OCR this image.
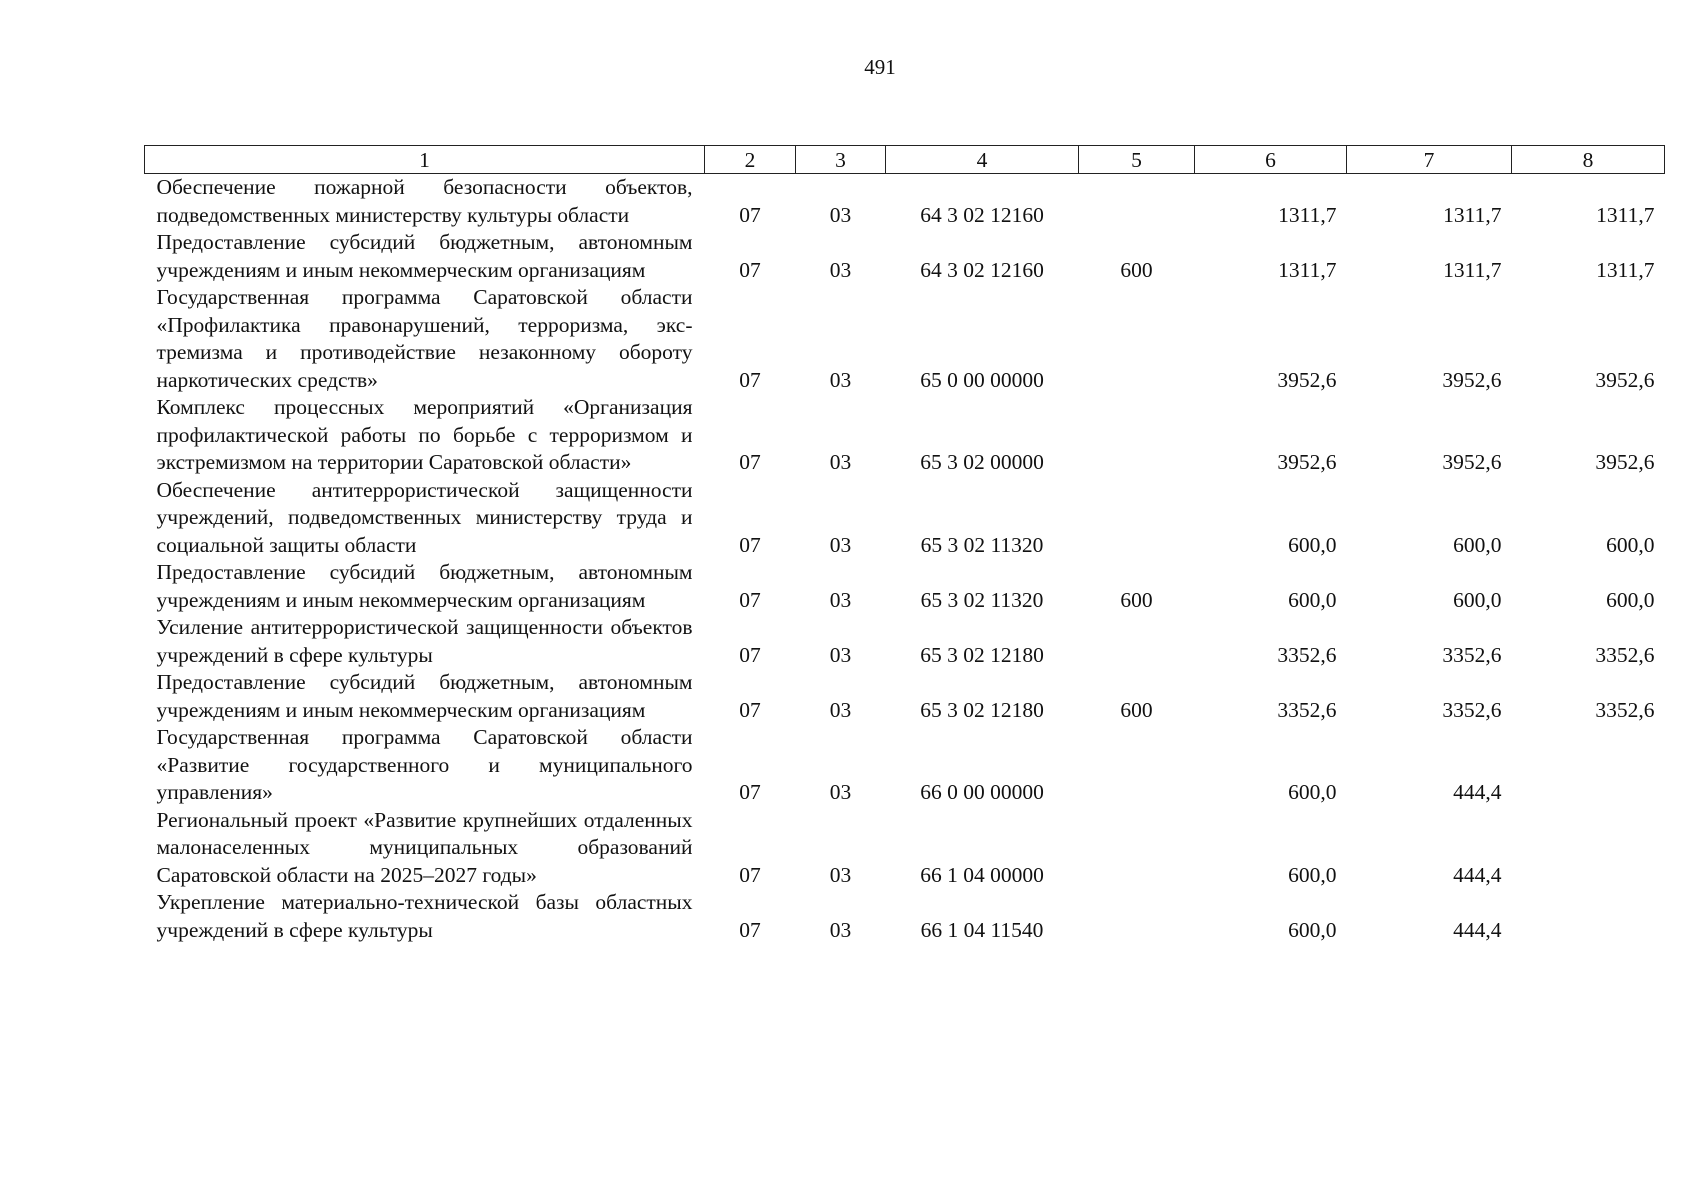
491
1	2	3	4	5	6	7	8
Обеспечение пожарной безопасности объектов, подведомственных министерству культуры области	07	03	64 3 02 12160		1311,7	1311,7	1311,7
Предоставление субсидий бюджетным, автономным учреждениям и иным некоммерческим организациям	07	03	64 3 02 12160	600	1311,7	1311,7	1311,7
Государственная программа Саратовской области «Профилактика правонарушений, терроризма, экстремизма и противодействие незаконному обороту наркотических средств»	07	03	65 0 00 00000		3952,6	3952,6	3952,6
Комплекс процессных мероприятий «Организация профилактической работы по борьбе с терроризмом и экстремизмом на территории Саратовской области»	07	03	65 3 02 00000		3952,6	3952,6	3952,6
Обеспечение антитеррористической защищенности учреждений, подведомственных министерству труда и социальной защиты области	07	03	65 3 02 11320		600,0	600,0	600,0
Предоставление субсидий бюджетным, автономным учреждениям и иным некоммерческим организациям	07	03	65 3 02 11320	600	600,0	600,0	600,0
Усиление антитеррористической защищенности объектов учреждений в сфере культуры	07	03	65 3 02 12180		3352,6	3352,6	3352,6
Предоставление субсидий бюджетным, автономным учреждениям и иным некоммерческим организациям	07	03	65 3 02 12180	600	3352,6	3352,6	3352,6
Государственная программа Саратовской области «Развитие государственного и муниципального управления»	07	03	66 0 00 00000		600,0	444,4	
Региональный проект «Развитие крупнейших отдаленных малонаселенных муниципальных образований Саратовской области на 2025–2027 годы»	07	03	66 1 04 00000		600,0	444,4	
Укрепление материально-технической базы областных учреждений в сфере культуры	07	03	66 1 04 11540		600,0	444,4	
